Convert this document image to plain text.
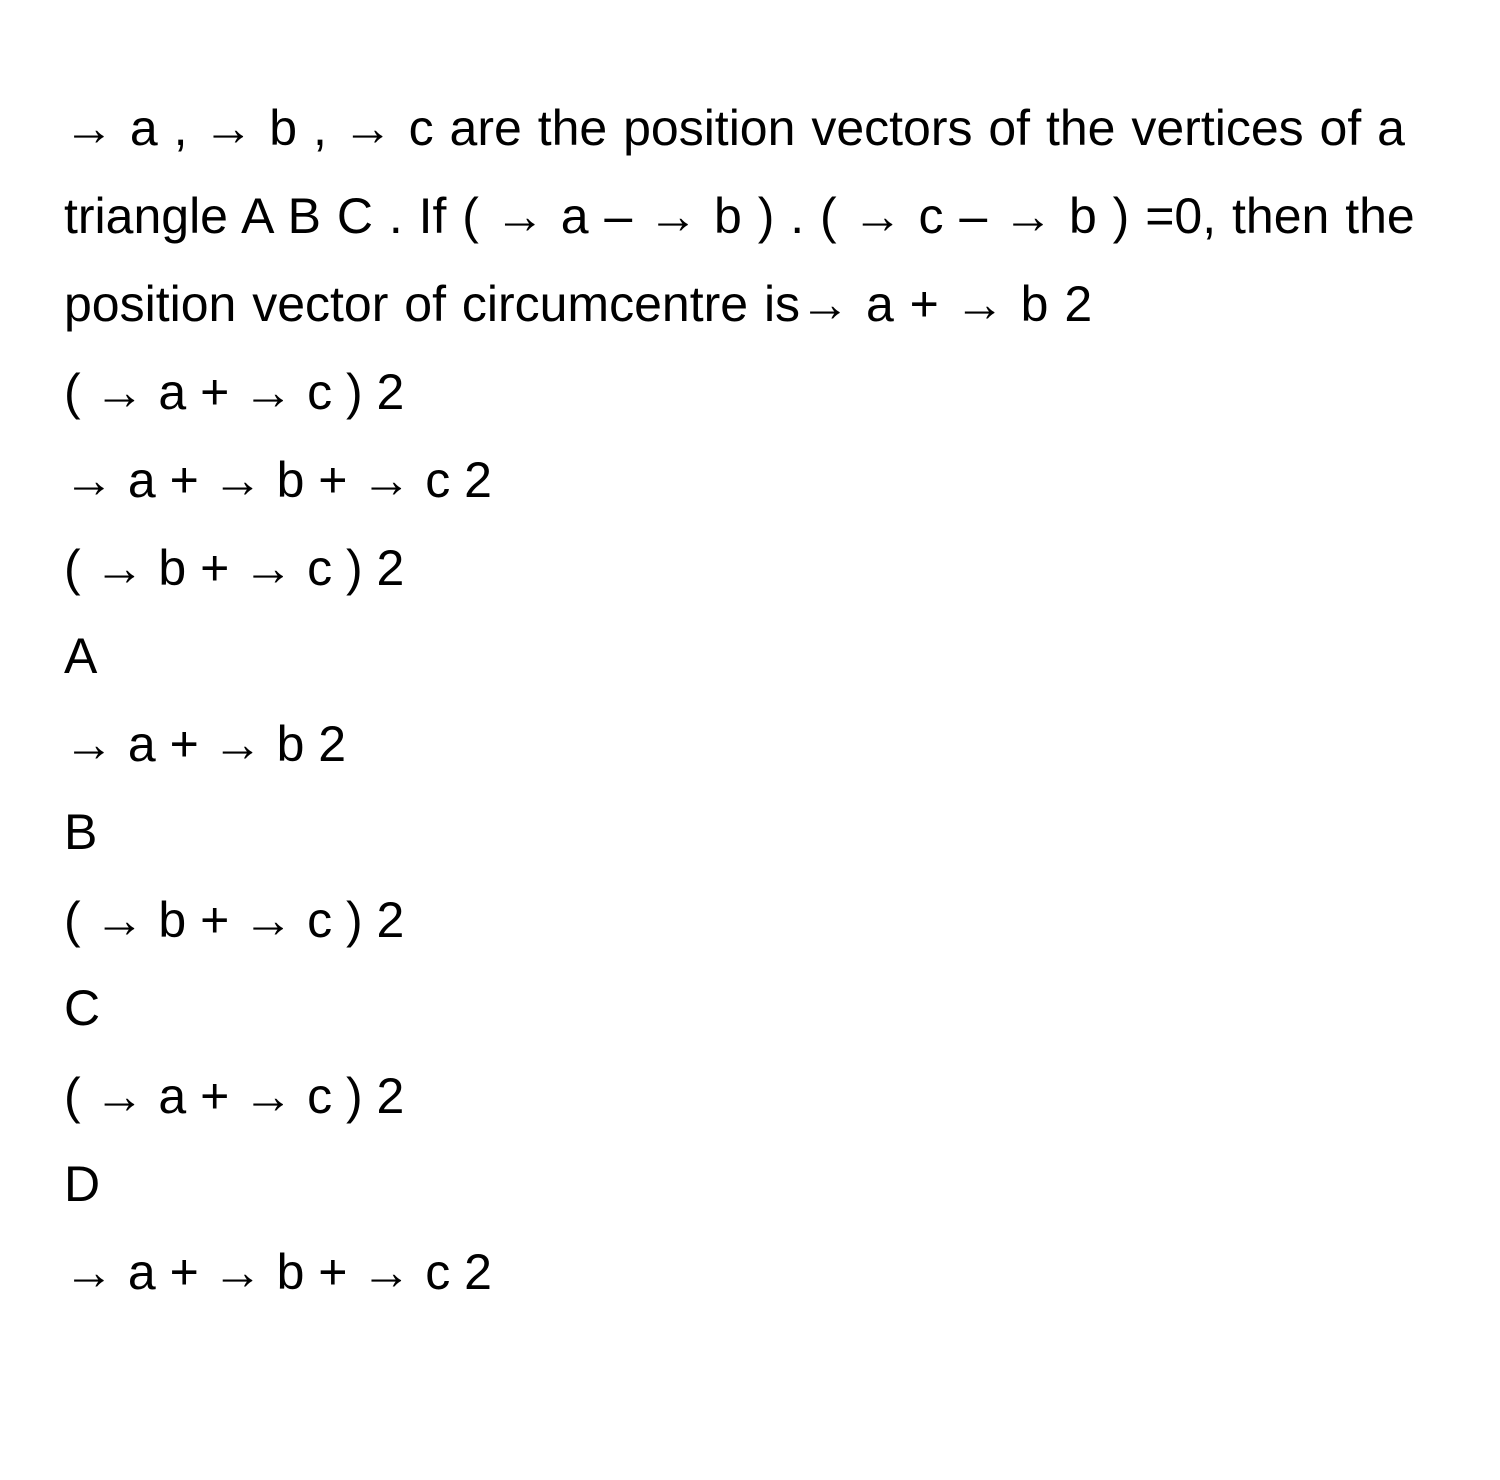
→ a , → b , → c are the position vectors of the vertices of a triangle A B C . If ( → a – → b ) . ( → c – → b ) =0, then the position vector of circumcentre is→ a + → b 2

( → a + → c ) 2
→ a + → b + → c 2
( → b + → c ) 2
A
→ a + → b 2
B
( → b + → c ) 2
C
( → a + → c ) 2
D
→ a + → b + → c 2
